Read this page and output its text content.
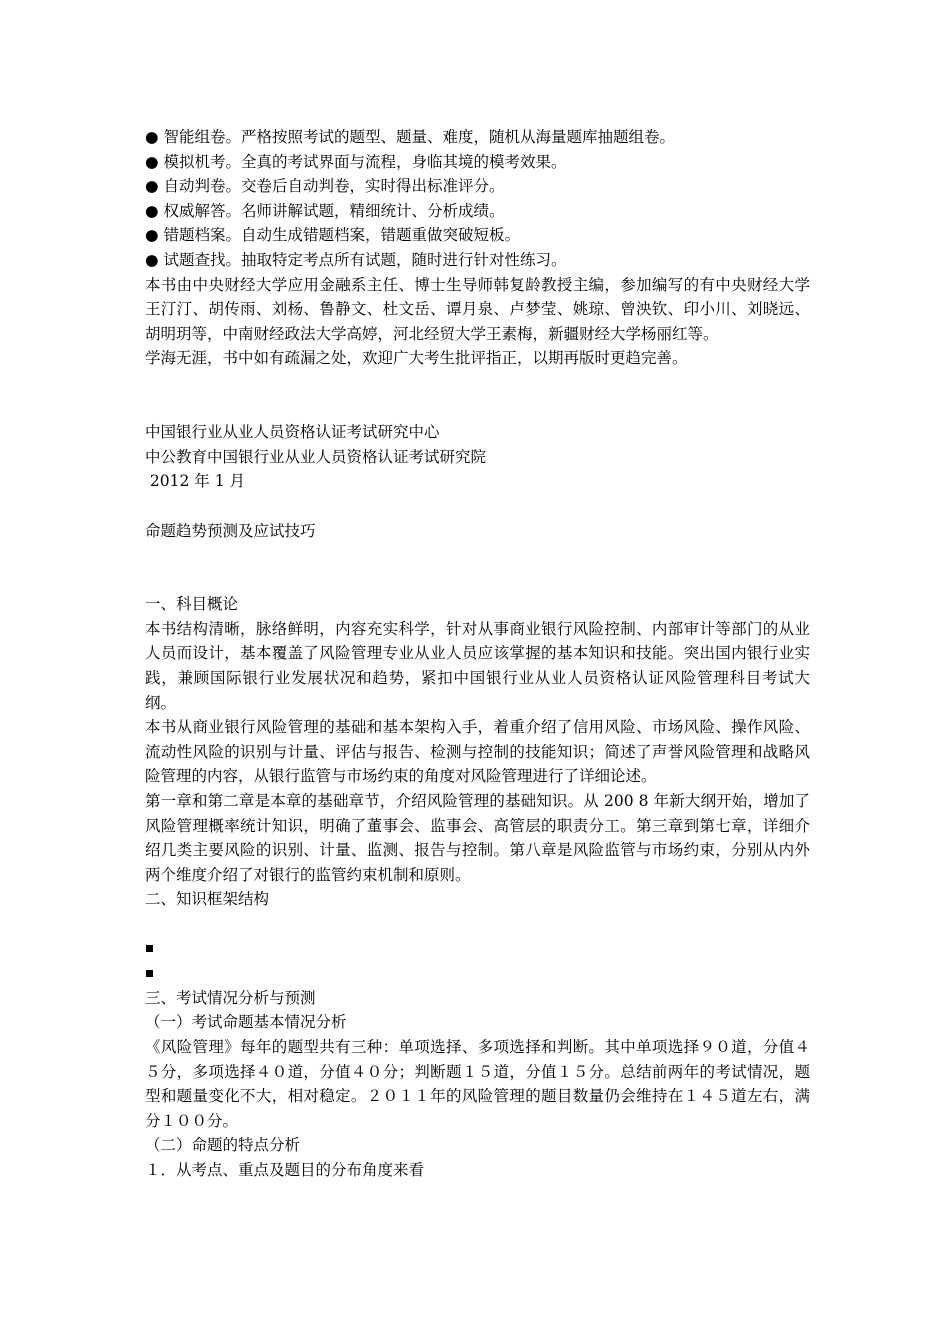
● 智能组卷。严格按照考试的题型、题量、难度，随机从海量题库抽题组卷。
● 模拟机考。全真的考试界面与流程，身临其境的模考效果。
● 自动判卷。交卷后自动判卷，实时得出标准评分。
● 权威解答。名师讲解试题，精细统计、分析成绩。
● 错题档案。自动生成错题档案，错题重做突破短板。
● 试题查找。抽取特定考点所有试题，随时进行针对性练习。
本书由中央财经大学应用金融系主任、博士生导师韩复龄教授主编，参加编写的有中央财经大学王汀汀、胡传雨、刘杨、鲁静文、杜文岳、谭月泉、卢梦莹、姚琼、曾泱钦、印小川、刘晓远、胡明玥等，中南财经政法大学高婷，河北经贸大学王素梅，新疆财经大学杨丽红等。
学海无涯，书中如有疏漏之处，欢迎广大考生批评指正，以期再版时更趋完善。
中国银行业从业人员资格认证考试研究中心
中公教育中国银行业从业人员资格认证考试研究院
2012 年 1 月
命题趋势预测及应试技巧
一、科目概论
本书结构清晰，脉络鲜明，内容充实科学，针对从事商业银行风险控制、内部审计等部门的从业人员而设计，基本覆盖了风险管理专业从业人员应该掌握的基本知识和技能。突出国内银行业实践，兼顾国际银行业发展状况和趋势，紧扣中国银行业从业人员资格认证风险管理科目考试大纲。
本书从商业银行风险管理的基础和基本架构入手，着重介绍了信用风险、市场风险、操作风险、流动性风险的识别与计量、评估与报告、检测与控制的技能知识；简述了声誉风险管理和战略风险管理的内容，从银行监管与市场约束的角度对风险管理进行了详细论述。
第一章和第二章是本章的基础章节，介绍风险管理的基础知识。从 200 8 年新大纲开始，增加了风险管理概率统计知识，明确了董事会、监事会、高管层的职责分工。第三章到第七章，详细介绍几类主要风险的识别、计量、监测、报告与控制。第八章是风险监管与市场约束，分别从内外两个维度介绍了对银行的监管约束机制和原则。
二、知识框架结构
三、考试情况分析与预测
（一）考试命题基本情况分析
《风险管理》每年的题型共有三种：单项选择、多项选择和判断。其中单项选择９０道，分值４５分，多项选择４０道，分值４０分；判断题１５道，分值１５分。总结前两年的考试情况，题型和题量变化不大，相对稳定。２０１１年的风险管理的题目数量仍会维持在１４５道左右，满分１００分。
（二）命题的特点分析
１．从考点、重点及题目的分布角度来看
